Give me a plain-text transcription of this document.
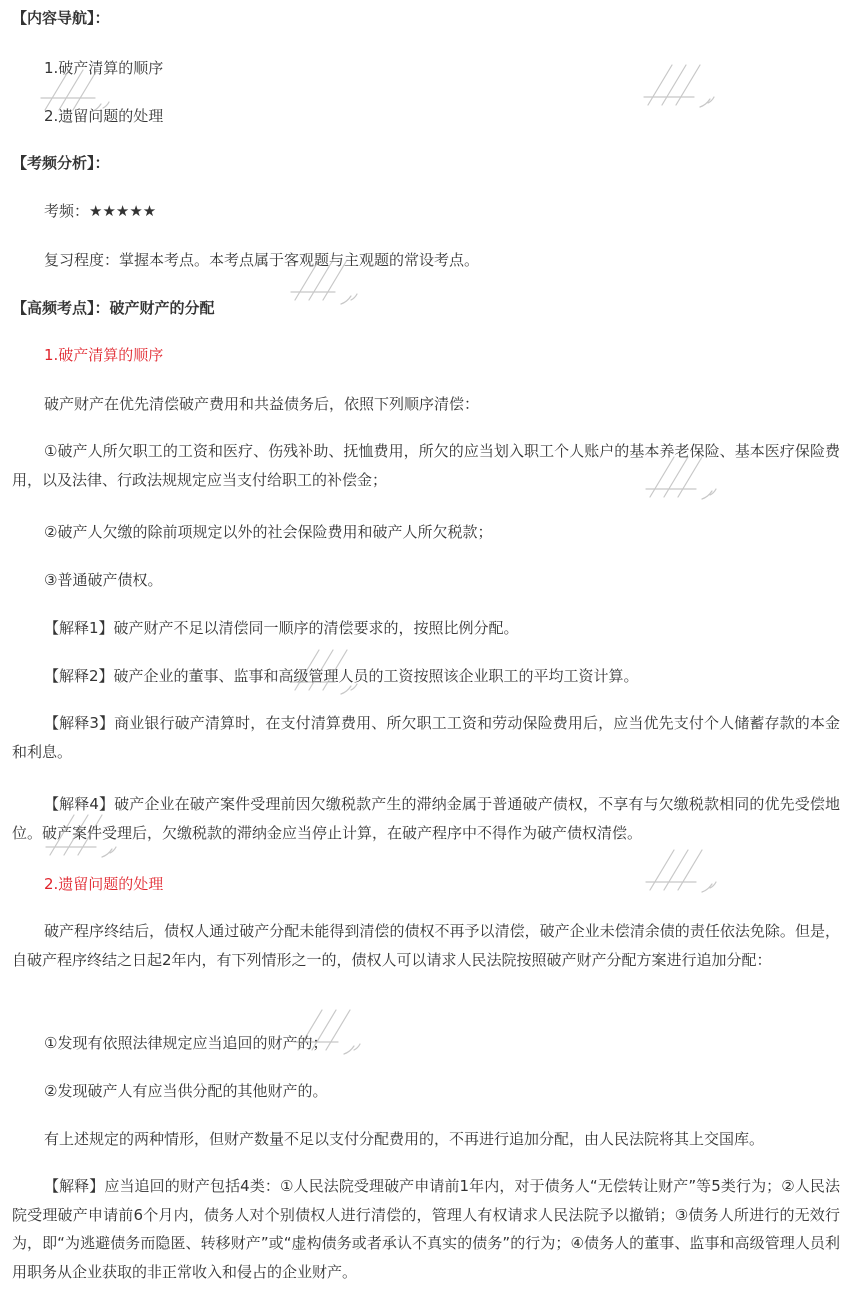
【内容导航】：
1.破产清算的顺序
2.遗留问题的处理
【考频分析】：
考频：★★★★★
复习程度：掌握本考点。本考点属于客观题与主观题的常设考点。
【高频考点】：破产财产的分配
1.破产清算的顺序
破产财产在优先清偿破产费用和共益债务后，依照下列顺序清偿：
①破产人所欠职工的工资和医疗、伤残补助、抚恤费用，所欠的应当划入职工个人账户的基本养老保险、基本医疗保险费用，以及法律、行政法规规定应当支付给职工的补偿金；
②破产人欠缴的除前项规定以外的社会保险费用和破产人所欠税款；
③普通破产债权。
【解释1】破产财产不足以清偿同一顺序的清偿要求的，按照比例分配。
【解释2】破产企业的董事、监事和高级管理人员的工资按照该企业职工的平均工资计算。
【解释3】商业银行破产清算时，在支付清算费用、所欠职工工资和劳动保险费用后，应当优先支付个人储蓄存款的本金和利息。
【解释4】破产企业在破产案件受理前因欠缴税款产生的滞纳金属于普通破产债权，不享有与欠缴税款相同的优先受偿地位。破产案件受理后，欠缴税款的滞纳金应当停止计算，在破产程序中不得作为破产债权清偿。
2.遗留问题的处理
破产程序终结后，债权人通过破产分配未能得到清偿的债权不再予以清偿，破产企业未偿清余债的责任依法免除。但是，自破产程序终结之日起2年内，有下列情形之一的，债权人可以请求人民法院按照破产财产分配方案进行追加分配：
①发现有依照法律规定应当追回的财产的；
②发现破产人有应当供分配的其他财产的。
有上述规定的两种情形，但财产数量不足以支付分配费用的，不再进行追加分配，由人民法院将其上交国库。
【解释】应当追回的财产包括4类：①人民法院受理破产申请前1年内，对于债务人“无偿转让财产”等5类行为；②人民法院受理破产申请前6个月内，债务人对个别债权人进行清偿的，管理人有权请求人民法院予以撤销；③债务人所进行的无效行为，即“为逃避债务而隐匿、转移财产”或“虚构债务或者承认不真实的债务”的行为；④债务人的董事、监事和高级管理人员利用职务从企业获取的非正常收入和侵占的企业财产。
